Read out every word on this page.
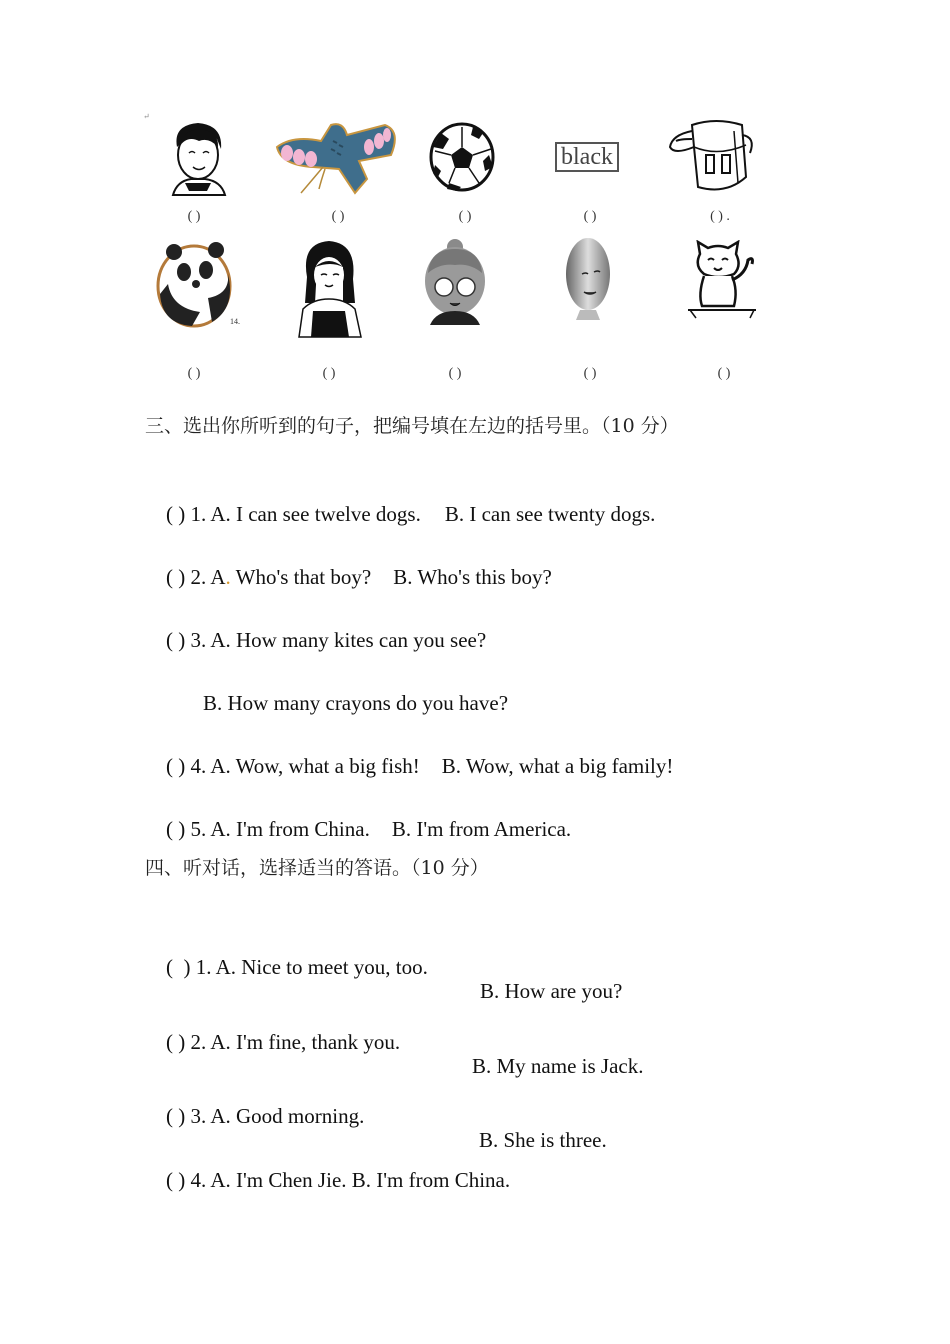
↵
black
( )	( )	( )	( )	( ) .
14.
( )	( )	( )	( )	( )
三、选出你所听到的句子，把编号填在左边的括号里。（10 分）

( ) 1. A. I can see twelve dogs. B. I can see twenty dogs.

( ) 2. A. Who's that boy? B. Who's this boy?

( ) 3. A. How many kites can you see?

B. How many crayons do you have?

( ) 4. A. Wow, what a big fish! B. Wow, what a big family!

( ) 5. A. I'm from China. B. I'm from America.

四、听对话，选择适当的答语。（10 分）

(  ) 1. A. Nice to meet you, too.

B. How are you?

( ) 2. A. I'm fine, thank you.

B. My name is Jack.

( ) 3. A. Good morning.

B. She is three.

( ) 4. A. I'm Chen Jie. B. I'm from China.
